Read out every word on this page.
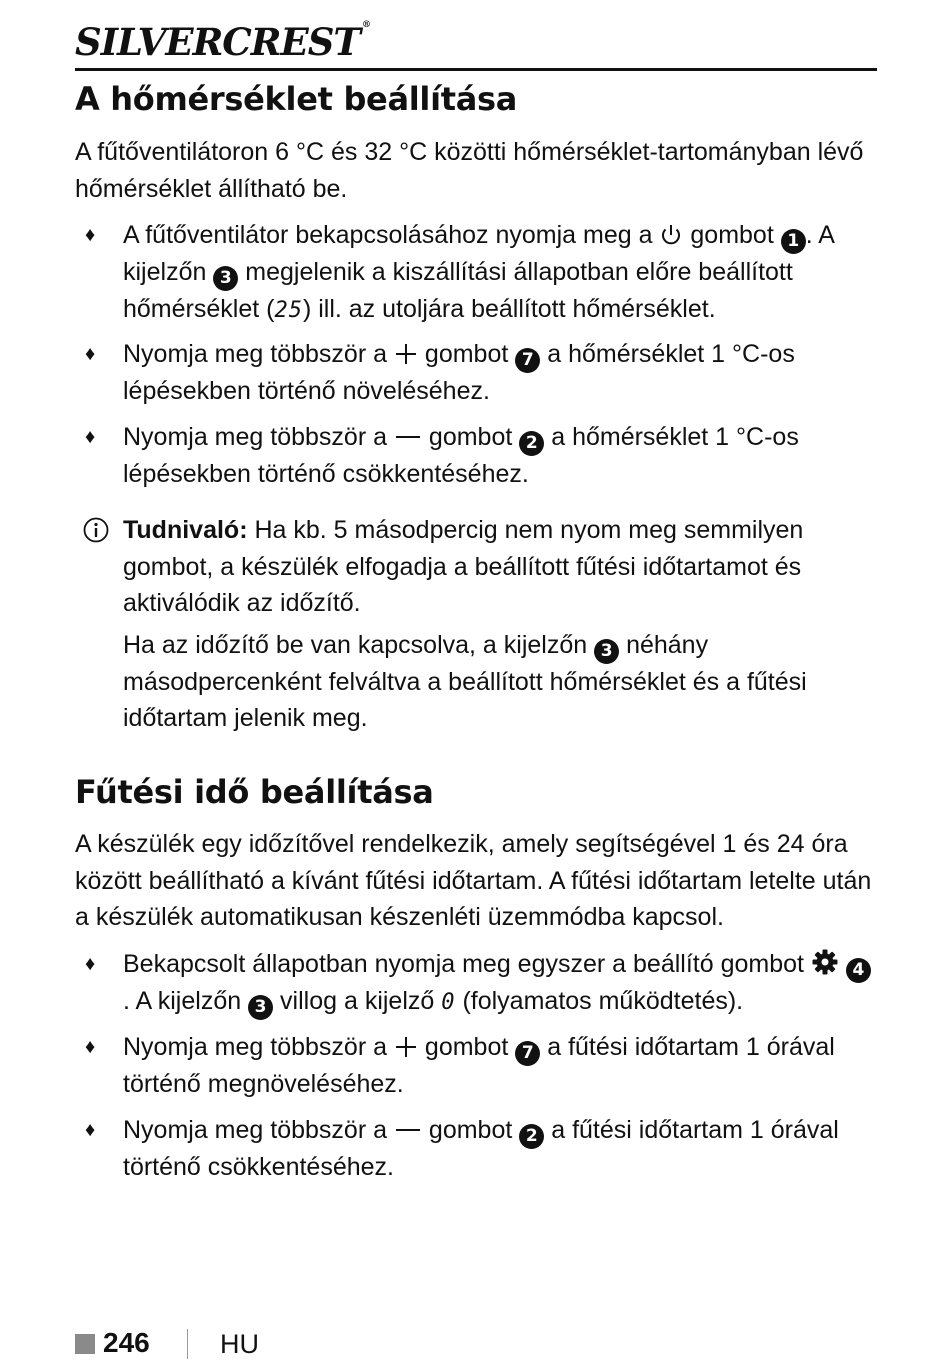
SILVERCREST ®
A hőmérséklet beállítása

A fűtőventilátoron 6 °C és 32 °C közötti hőmérséklet-tartományban lévő hőmérséklet állítható be.

♦ A fűtőventilátor bekapcsolásához nyomja meg a gombot 1 . A kijelzőn 3 megjelenik a kiszállítási állapotban előre beállított hőmérséklet (25) ill. az utoljára beállított hőmérséklet.
♦ Nyomja meg többször a gombot 7 a hőmérséklet 1 °C-os lépésekben történő növeléséhez.
♦ Nyomja meg többször a gombot 2 a hőmérséklet 1 °C-os lépésekben történő csökkentéséhez.
Tudnivaló: Ha kb. 5 másodpercig nem nyom meg semmilyen gombot, a készülék elfogadja a beállított fűtési időtartamot és aktiválódik az időzítő.
Ha az időzítő be van kapcsolva, a kijelzőn 3 néhány másodpercenként felváltva a beállított hőmérséklet és a fűtési időtartam jelenik meg.
Fűtési idő beállítása

A készülék egy időzítővel rendelkezik, amely segítségével 1 és 24 óra között beállítható a kívánt fűtési időtartam. A fűtési időtartam letelte után a készülék automatikusan készenléti üzemmódba kapcsol.

♦ Bekapcsolt állapotban nyomja meg egyszer a beállító gombot	4. A kijelzőn 3 villog a kijelző 0 (folyamatos működtetés).
♦ Nyomja meg többször a gombot 7 a fűtési időtartam 1 órával történő megnöveléséhez.
♦ Nyomja meg többször a gombot 2 a fűtési időtartam 1 órával történő csökkentéséhez.
246	HU
